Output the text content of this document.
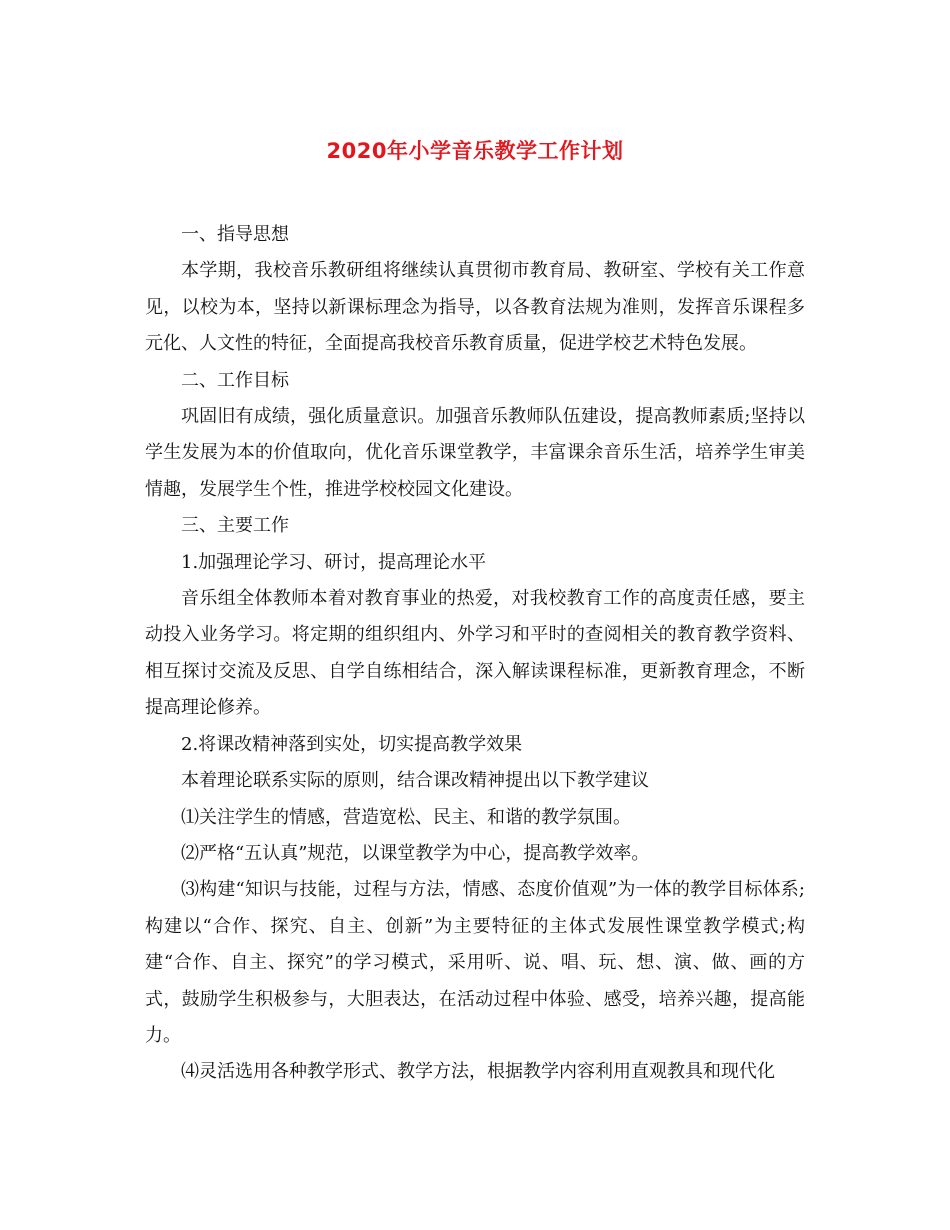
2020年小学音乐教学工作计划

一、指导思想

本学期，我校音乐教研组将继续认真贯彻市教育局、教研室、学校有关工作意见，以校为本，坚持以新课标理念为指导，以各教育法规为准则，发挥音乐课程多元化、人文性的特征，全面提高我校音乐教育质量，促进学校艺术特色发展。

二、工作目标

巩固旧有成绩，强化质量意识。加强音乐教师队伍建设，提高教师素质;坚持以学生发展为本的价值取向，优化音乐课堂教学，丰富课余音乐生活，培养学生审美情趣，发展学生个性，推进学校校园文化建设。

三、主要工作

1.加强理论学习、研讨，提高理论水平

音乐组全体教师本着对教育事业的热爱，对我校教育工作的高度责任感，要主动投入业务学习。将定期的组织组内、外学习和平时的查阅相关的教育教学资料、相互探讨交流及反思、自学自练相结合，深入解读课程标准，更新教育理念，不断提高理论修养。

2.将课改精神落到实处，切实提高教学效果

本着理论联系实际的原则，结合课改精神提出以下教学建议

⑴关注学生的情感，营造宽松、民主、和谐的教学氛围。

⑵严格“五认真”规范，以课堂教学为中心，提高教学效率。

⑶构建“知识与技能，过程与方法，情感、态度价值观”为一体的教学目标体系;构建以“合作、探究、自主、创新”为主要特征的主体式发展性课堂教学模式;构建“合作、自主、探究”的学习模式，采用听、说、唱、玩、想、演、做、画的方式，鼓励学生积极参与，大胆表达，在活动过程中体验、感受，培养兴趣，提高能力。

⑷灵活选用各种教学形式、教学方法，根据教学内容利用直观教具和现代化
